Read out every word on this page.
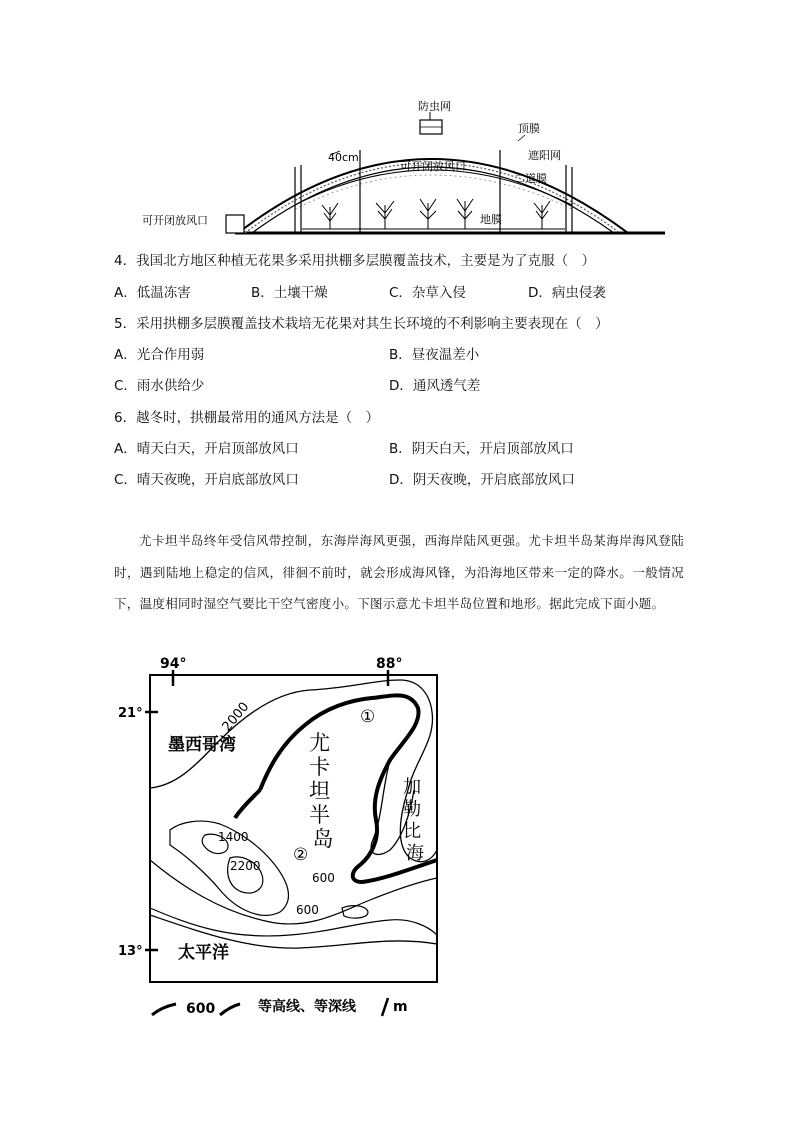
防虫网
顶膜
遮阳网
二道膜
40cm
可开闭放风口
可开闭放风口	地膜
4．我国北方地区种植无花果多采用拱棚多层膜覆盖技术，主要是为了克服（　）
A．低温冻害	B．土壤干燥	C．杂草入侵	D．病虫侵袭
5．采用拱棚多层膜覆盖技术栽培无花果对其生长环境的不利影响主要表现在（　）
A．光合作用弱	B．昼夜温差小
C．雨水供给少	D．通风透气差
6．越冬时，拱棚最常用的通风方法是（　）
A．晴天白天，开启顶部放风口	B．阴天白天，开启顶部放风口
C．晴天夜晚，开启底部放风口	D．阴天夜晚，开启底部放风口
尤卡坦半岛终年受信风带控制，东海岸海风更强，西海岸陆风更强。尤卡坦半岛某海岸海风登陆时，遇到陆地上稳定的信风，徘徊不前时，就会形成海风锋，为沿海地区带来一定的降水。一般情况下，温度相同时湿空气要比干空气密度小。下图示意尤卡坦半岛位置和地形。据此完成下面小题。
94°	88°
21°
13°
墨西哥湾
太平洋
2000
1400
2200
600
600
①
②
尤 卡 坦 半 岛
加 勒 比 海
600	等高线、等深线	m
